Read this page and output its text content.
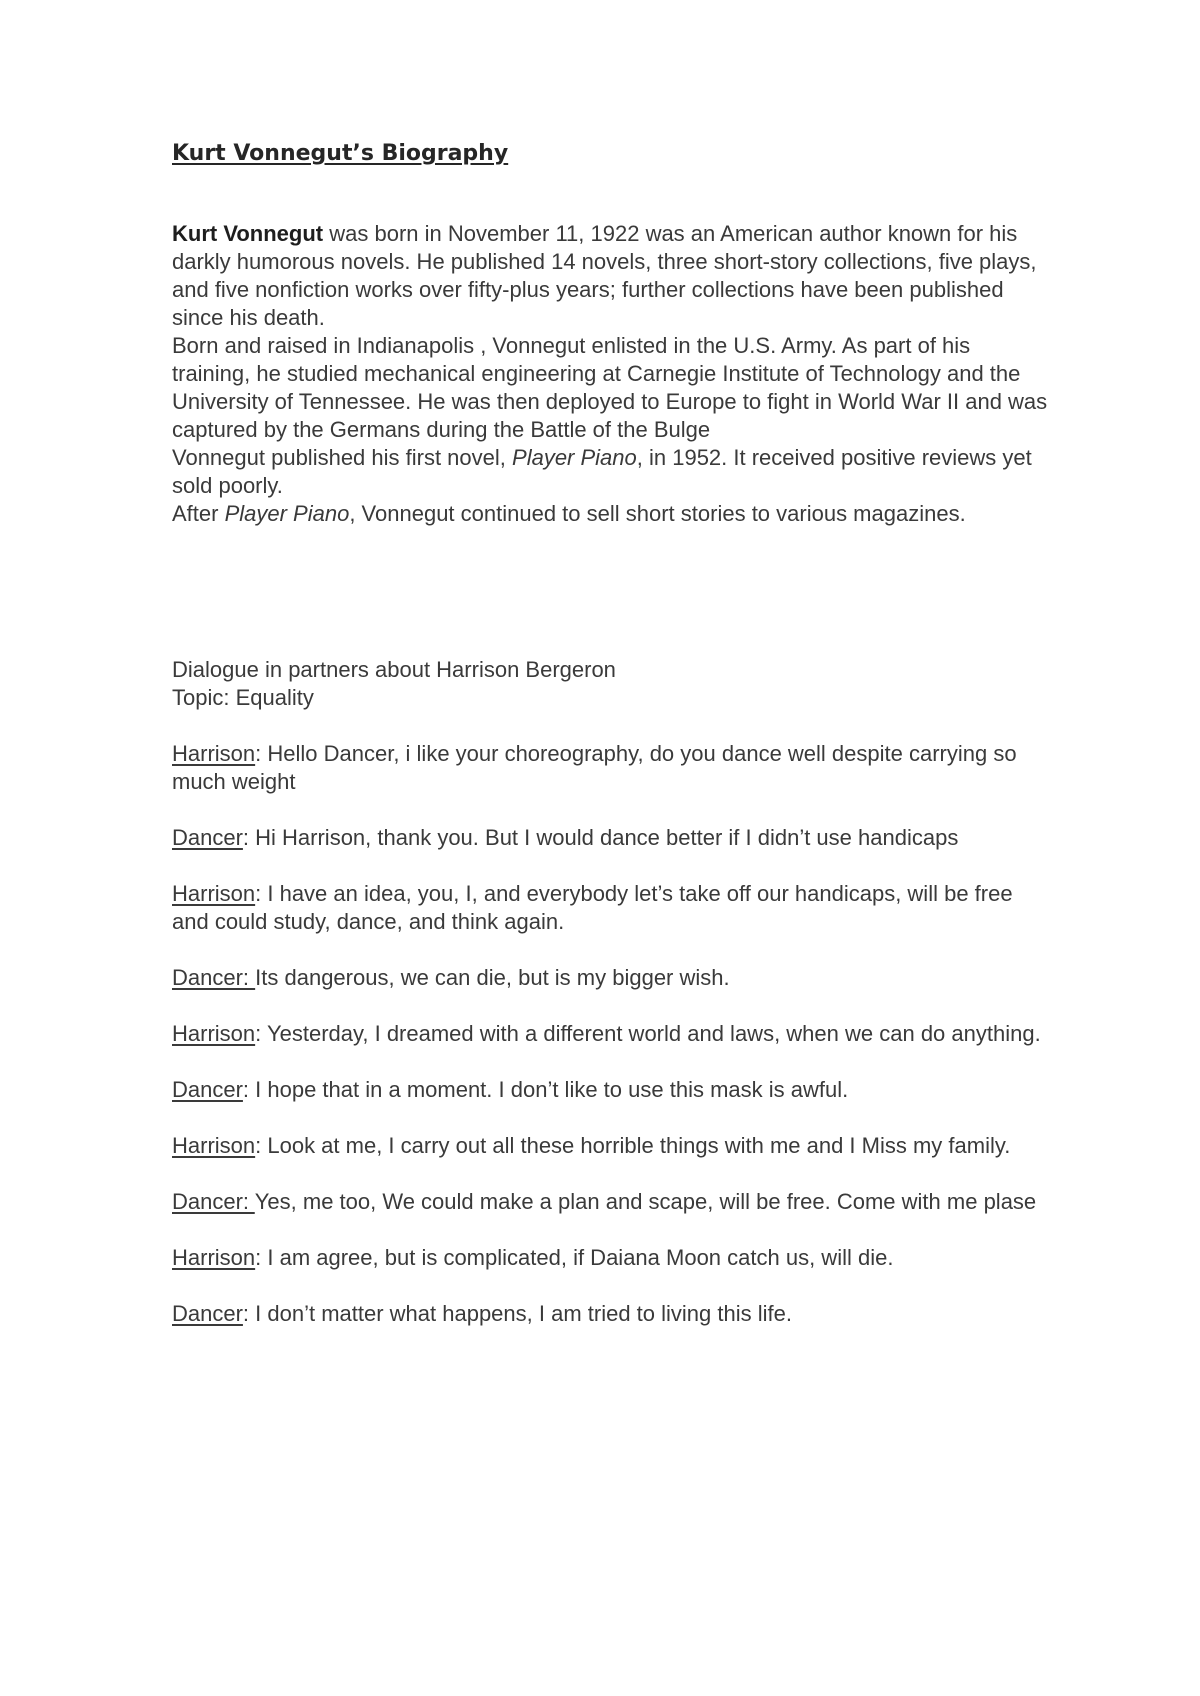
Kurt Vonnegut’s Biography

Kurt Vonnegut was born in November 11, 1922 was an American author known for his darkly humorous novels. He published 14 novels, three short-story collections, five plays, and five nonfiction works over fifty-plus years; further collections have been published since his death.

Born and raised in Indianapolis , Vonnegut enlisted in the U.S. Army. As part of his training, he studied mechanical engineering at Carnegie Institute of Technology and the University of Tennessee. He was then deployed to Europe to fight in World War II and was captured by the Germans during the Battle of the Bulge

Vonnegut published his first novel, Player Piano, in 1952. It received positive reviews yet sold poorly.

After Player Piano, Vonnegut continued to sell short stories to various magazines.

Dialogue in partners about Harrison Bergeron

Topic: Equality

Harrison: Hello Dancer, i like your choreography, do you dance well despite carrying so much weight

Dancer: Hi Harrison, thank you. But I would dance better if I didn’t use handicaps

Harrison: I have an idea, you, I, and everybody let’s take off our handicaps, will be free and could study, dance, and think again.

Dancer: Its dangerous, we can die, but is my bigger wish.

Harrison: Yesterday, I dreamed with a different world and laws, when we can do anything.

Dancer: I hope that in a moment. I don’t like to use this mask is awful.

Harrison: Look at me, I carry out all these horrible things with me and I Miss my family.

Dancer: Yes, me too, We could make a plan and scape, will be free. Come with me plase

Harrison: I am agree, but is complicated, if Daiana Moon catch us, will die.

Dancer: I don’t matter what happens, I am tried to living this life.
